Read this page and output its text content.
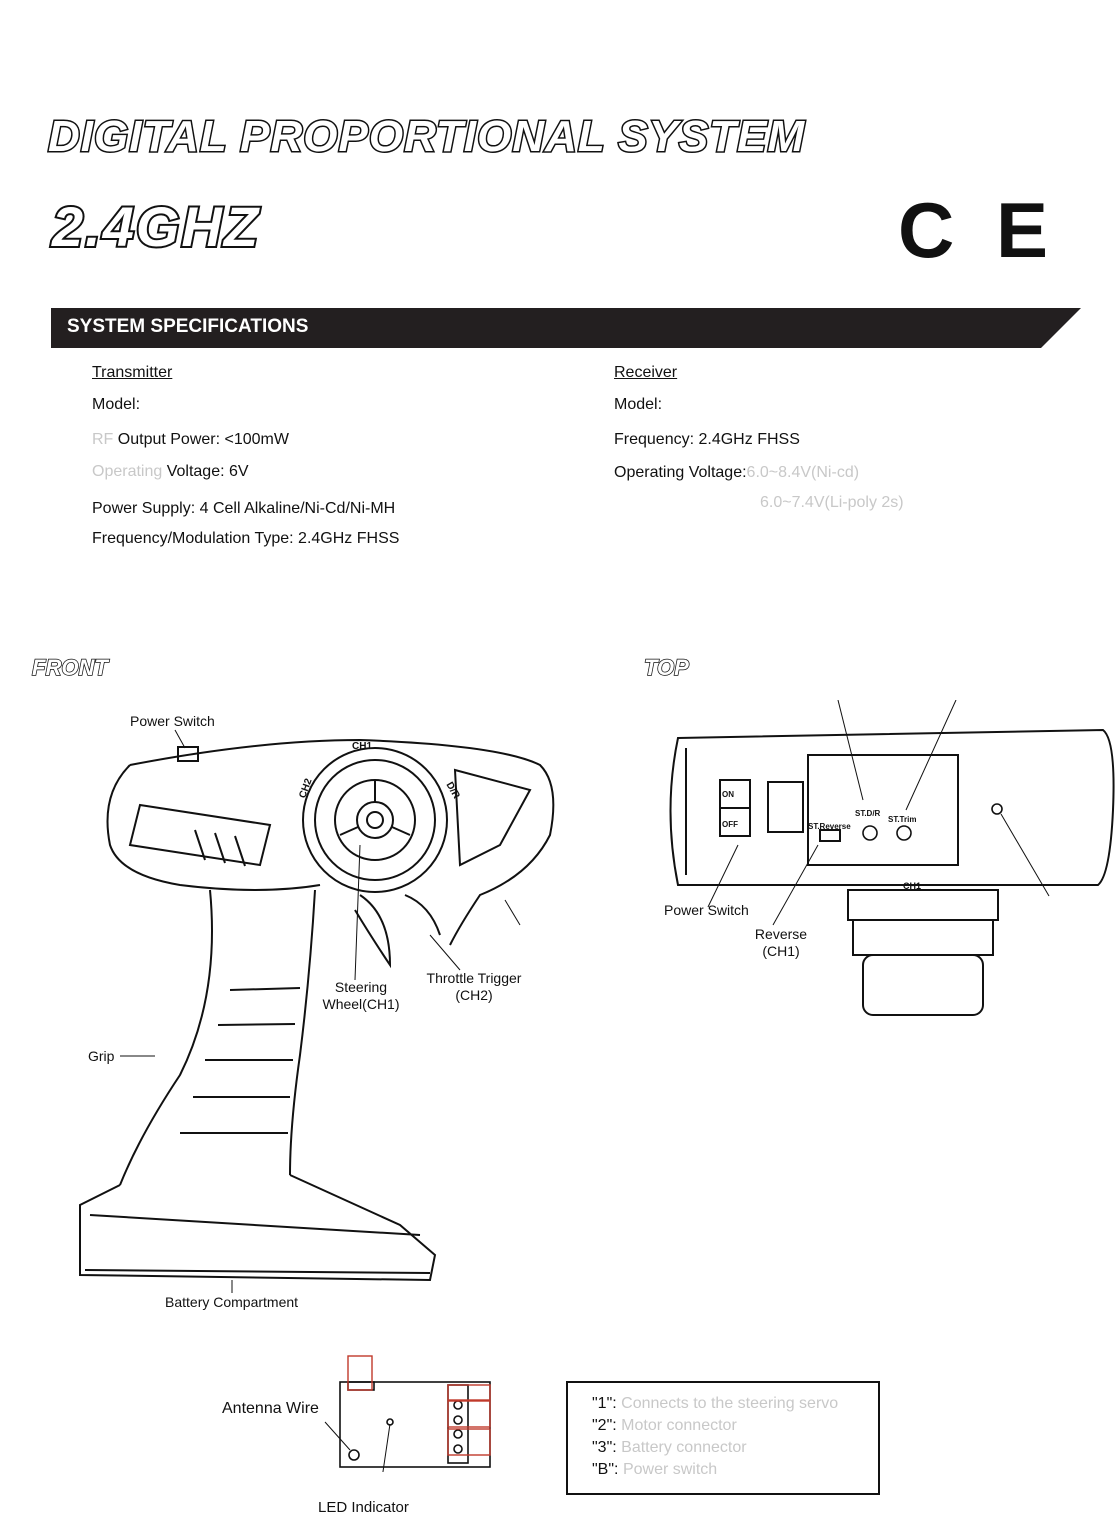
DIGITAL PROPORTIONAL SYSTEM
2.4GHZ	C E
SYSTEM SPECIFICATIONS
Transmitter
Model:
RF Output Power: <100mW
Operating Voltage: 6V
Power Supply: 4 Cell Alkaline/Ni-Cd/Ni-MH
Frequency/Modulation Type: 2.4GHz FHSS
Receiver
Model:
Frequency: 2.4GHz FHSS
Operating Voltage:6.0~8.4V(Ni-cd)
6.0~7.4V(Li-poly 2s)
FRONT	TOP
Power Switch
CH1
CH2	D/R
Steering
Wheel(CH1)
Throttle Trigger
(CH2)
Grip
Battery Compartment
ST.D/R
ST.Trim
ST.Reverse
CH1
ON
OFF
Power Switch
Reverse
(CH1)
Antenna Wire
LED Indicator
"1": Connects to the steering servo
"2": Motor connector
"3": Battery connector
"B": Power switch
